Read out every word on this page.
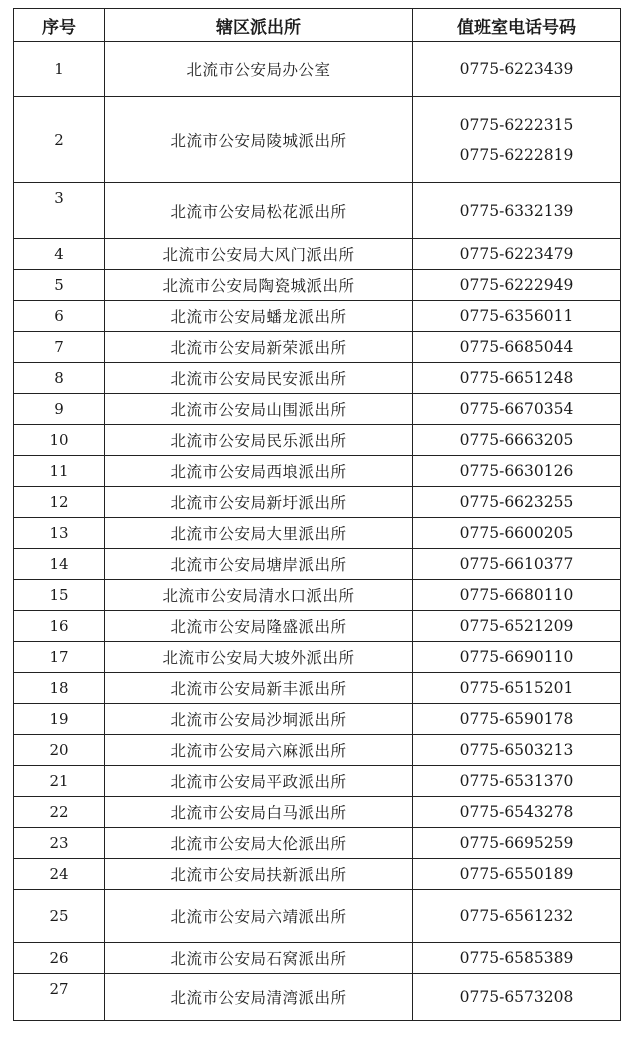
序号	辖区派出所	值班室电话号码
1	北流市公安局办公室	0775-6223439

2	北流市公安局陵城派出所	0775-6222315
0775-6222819

3	北流市公安局松花派出所	0775-6332139

4	北流市公安局大风门派出所	0775-6223479

5	北流市公安局陶瓷城派出所	0775-6222949

6	北流市公安局蟠龙派出所	0775-6356011

7	北流市公安局新荣派出所	0775-6685044

8	北流市公安局民安派出所	0775-6651248

9	北流市公安局山围派出所	0775-6670354

10	北流市公安局民乐派出所	0775-6663205

11	北流市公安局西埌派出所	0775-6630126

12	北流市公安局新圩派出所	0775-6623255

13	北流市公安局大里派出所	0775-6600205

14	北流市公安局塘岸派出所	0775-6610377

15	北流市公安局清水口派出所	0775-6680110

16	北流市公安局隆盛派出所	0775-6521209

17	北流市公安局大坡外派出所	0775-6690110

18	北流市公安局新丰派出所	0775-6515201

19	北流市公安局沙垌派出所	0775-6590178

20	北流市公安局六麻派出所	0775-6503213

21	北流市公安局平政派出所	0775-6531370

22	北流市公安局白马派出所	0775-6543278

23	北流市公安局大伦派出所	0775-6695259

24	北流市公安局扶新派出所	0775-6550189

25	北流市公安局六靖派出所	0775-6561232

26	北流市公安局石窝派出所	0775-6585389

27	北流市公安局清湾派出所	0775-6573208
